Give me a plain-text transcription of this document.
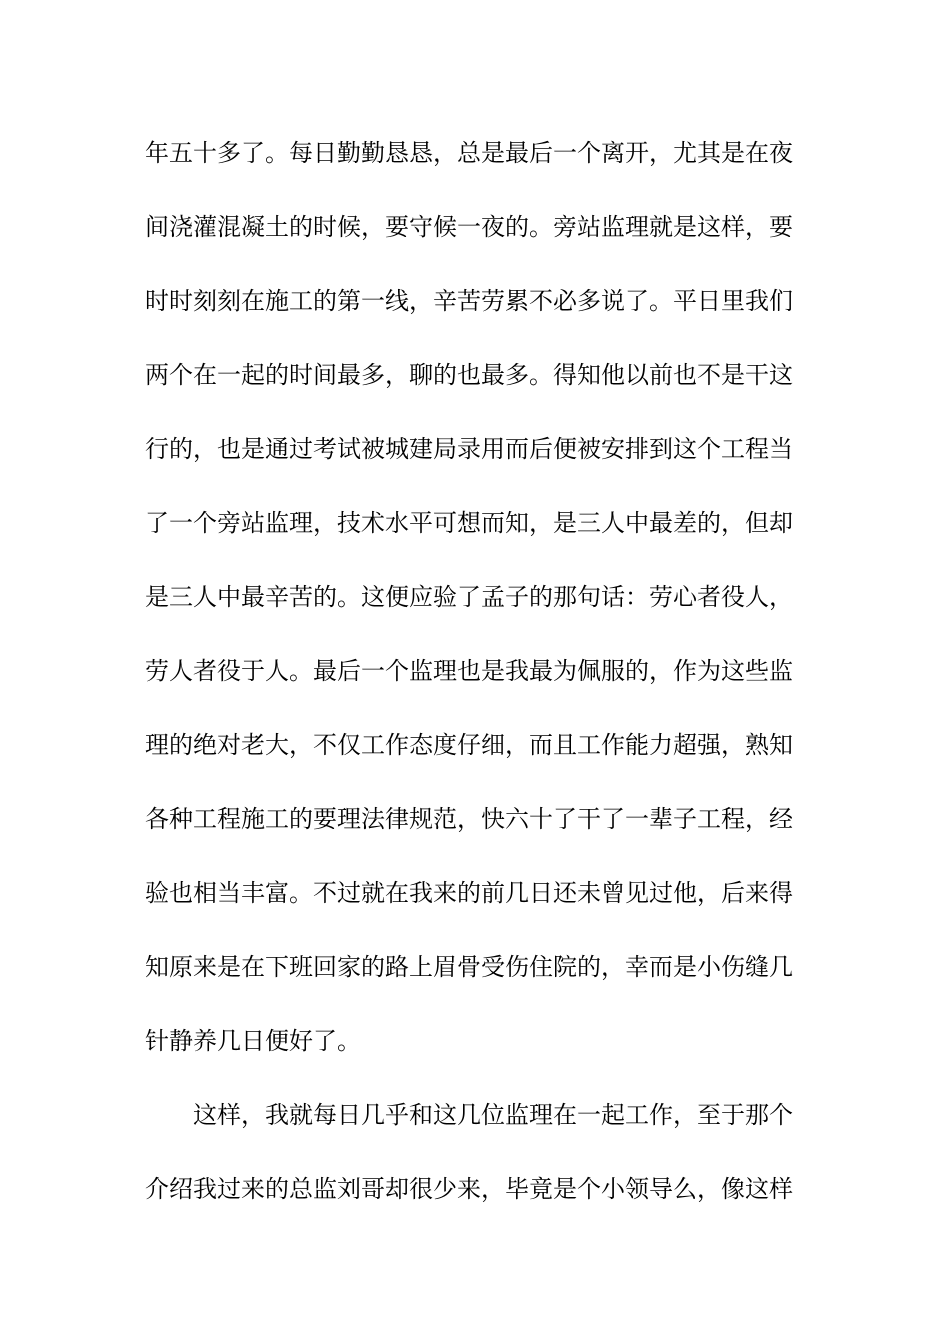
年五十多了。每日勤勤恳恳，总是最后一个离开，尤其是在夜
间浇灌混凝土的时候，要守候一夜的。旁站监理就是这样，要
时时刻刻在施工的第一线，辛苦劳累不必多说了。平日里我们
两个在一起的时间最多，聊的也最多。得知他以前也不是干这
行的，也是通过考试被城建局录用而后便被安排到这个工程当
了一个旁站监理，技术水平可想而知，是三人中最差的，但却
是三人中最辛苦的。这便应验了孟子的那句话：劳心者役人，
劳人者役于人。最后一个监理也是我最为佩服的，作为这些监
理的绝对老大，不仅工作态度仔细，而且工作能力超强，熟知
各种工程施工的要理法律规范，快六十了干了一辈子工程，经
验也相当丰富。不过就在我来的前几日还未曾见过他，后来得
知原来是在下班回家的路上眉骨受伤住院的，幸而是小伤缝几
针静养几日便好了。
这样，我就每日几乎和这几位监理在一起工作，至于那个
介绍我过来的总监刘哥却很少来，毕竟是个小领导么，像这样
